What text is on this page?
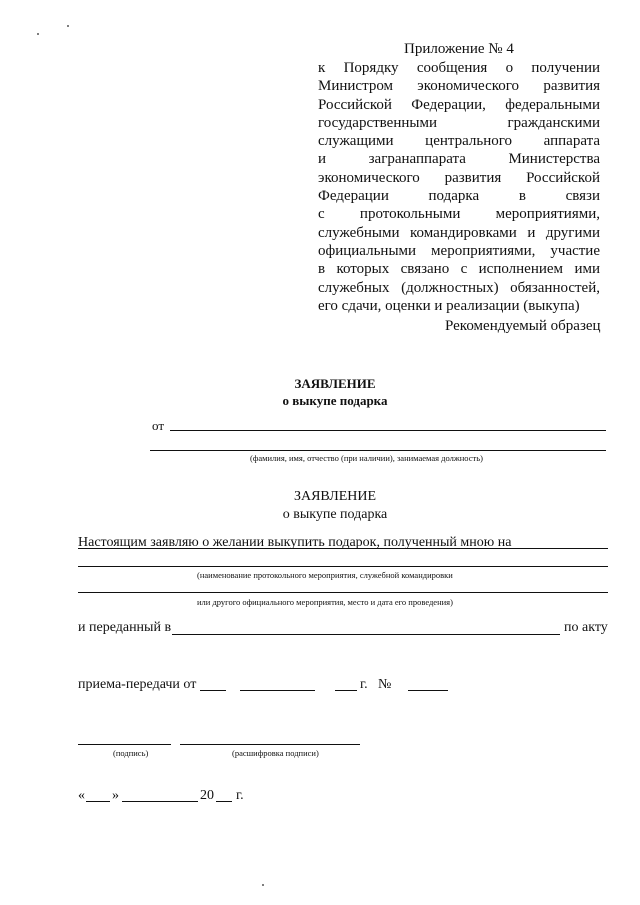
Приложение № 4
к Порядку сообщения о получении
Министром экономического развития
Российской Федерации, федеральными
государственными гражданскими
служащими центрального аппарата
и загранаппарата Министерства
экономического развития Российской
Федерации подарка в связи
с протокольными мероприятиями,
служебными командировками и другими
официальными мероприятиями, участие
в которых связано с исполнением ими
служебных (должностных) обязанностей,
его сдачи, оценки и реализации (выкупа)
Рекомендуемый образец
ЗАЯВЛЕНИЕ
о выкупе подарка
от
(фамилия, имя, отчество (при наличии), занимаемая должность)
ЗАЯВЛЕНИЕ
о выкупе подарка
Настоящим заявляю о желании выкупить подарок, полученный мною на
(наименование протокольного мероприятия, служебной командировки
или другого официального мероприятия, место и дата его проведения)
и переданный в	по акту
приема-передачи от	г. №
(подпись)	(расшифровка подписи)
« »	20 г.
